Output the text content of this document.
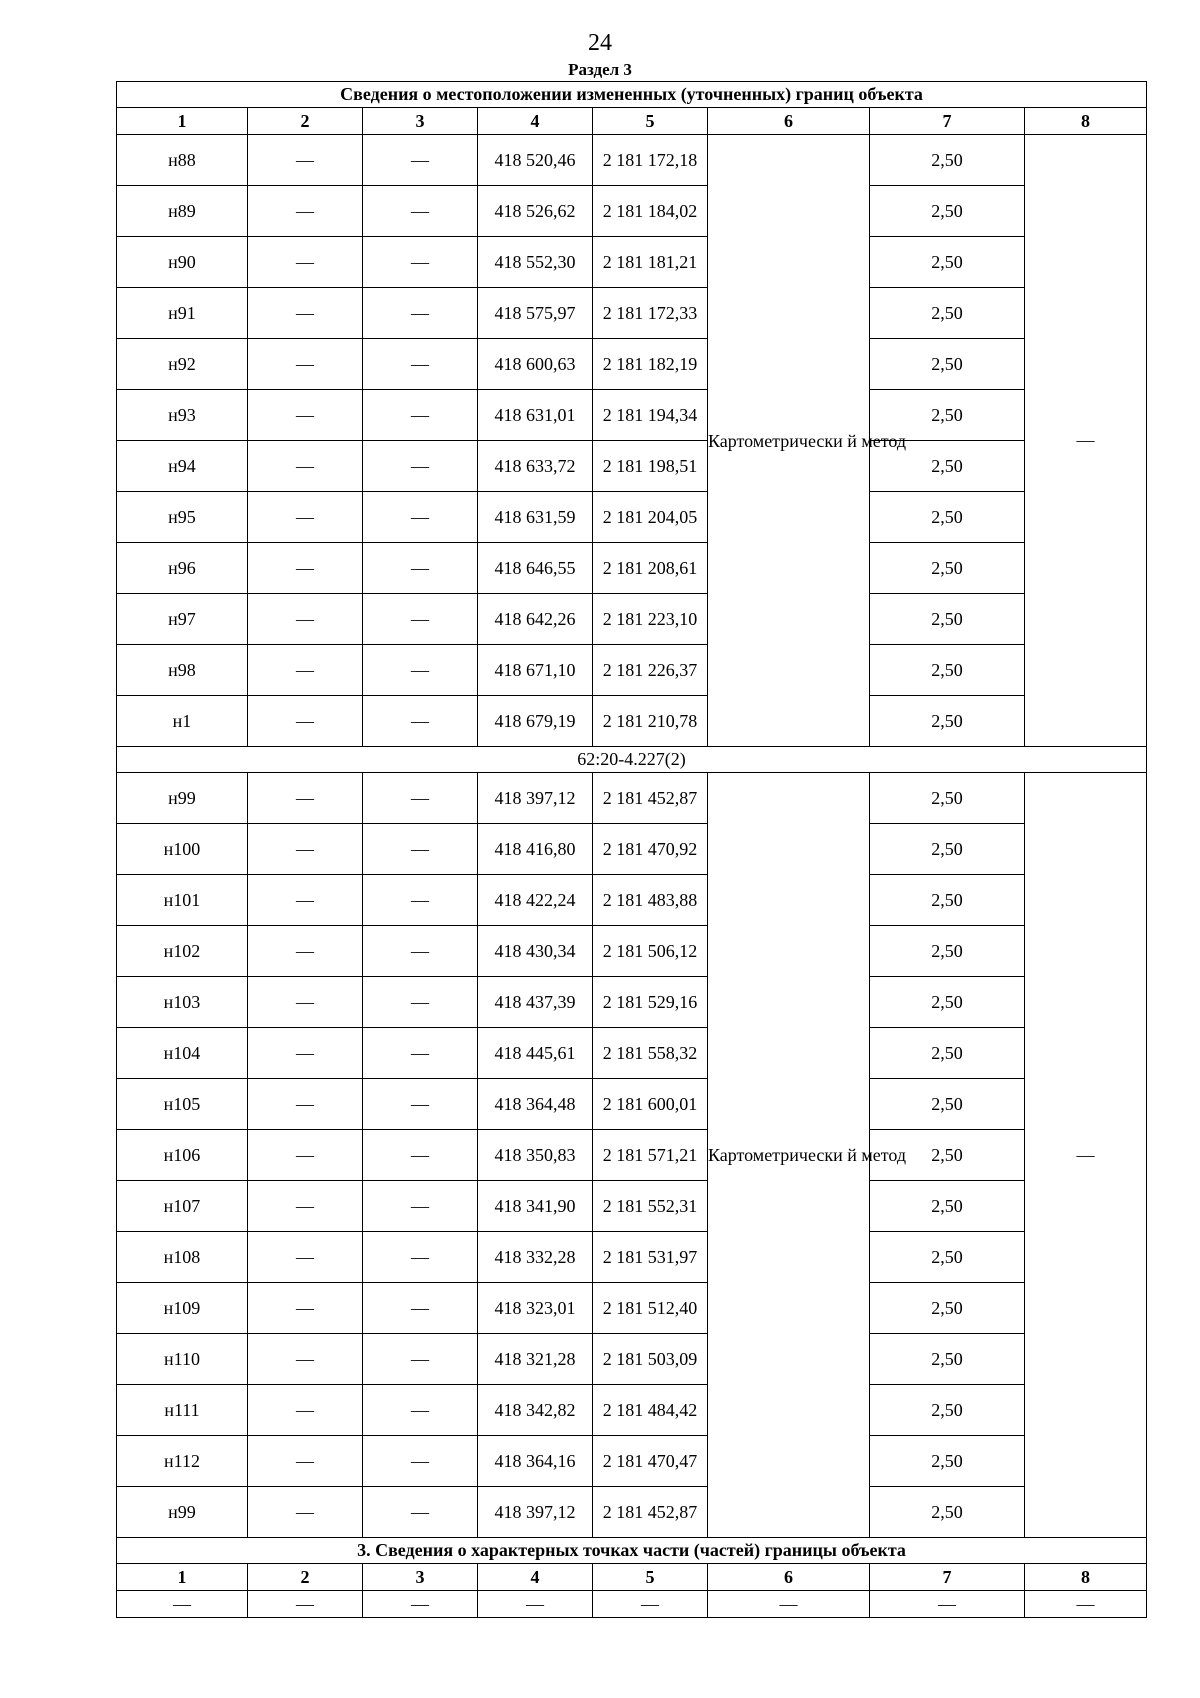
24
Раздел 3
Сведения о местоположении измененных (уточненных) границ объекта							
1	2	3	4	5	6	7	8
н88	—	—	418 520,46	2 181 172,18	Картометрически й метод	2,50	—
н89	—	—	418 526,62	2 181 184,02		2,50	
н90	—	—	418 552,30	2 181 181,21		2,50	
н91	—	—	418 575,97	2 181 172,33		2,50	
н92	—	—	418 600,63	2 181 182,19		2,50	
н93	—	—	418 631,01	2 181 194,34		2,50	
н94	—	—	418 633,72	2 181 198,51		2,50	
н95	—	—	418 631,59	2 181 204,05		2,50	
н96	—	—	418 646,55	2 181 208,61		2,50	
н97	—	—	418 642,26	2 181 223,10		2,50	
н98	—	—	418 671,10	2 181 226,37		2,50	
н1	—	—	418 679,19	2 181 210,78		2,50	
62:20-4.227(2)							
н99	—	—	418 397,12	2 181 452,87	Картометрически й метод	2,50	—
н100	—	—	418 416,80	2 181 470,92		2,50	
н101	—	—	418 422,24	2 181 483,88		2,50	
н102	—	—	418 430,34	2 181 506,12		2,50	
н103	—	—	418 437,39	2 181 529,16		2,50	
н104	—	—	418 445,61	2 181 558,32		2,50	
н105	—	—	418 364,48	2 181 600,01		2,50	
н106	—	—	418 350,83	2 181 571,21		2,50	
н107	—	—	418 341,90	2 181 552,31		2,50	
н108	—	—	418 332,28	2 181 531,97		2,50	
н109	—	—	418 323,01	2 181 512,40		2,50	
н110	—	—	418 321,28	2 181 503,09		2,50	
н111	—	—	418 342,82	2 181 484,42		2,50	
н112	—	—	418 364,16	2 181 470,47		2,50	
н99	—	—	418 397,12	2 181 452,87		2,50	
3. Сведения о характерных точках части (частей) границы объекта							
1	2	3	4	5	6	7	8
—	—	—	—	—	—	—	—
